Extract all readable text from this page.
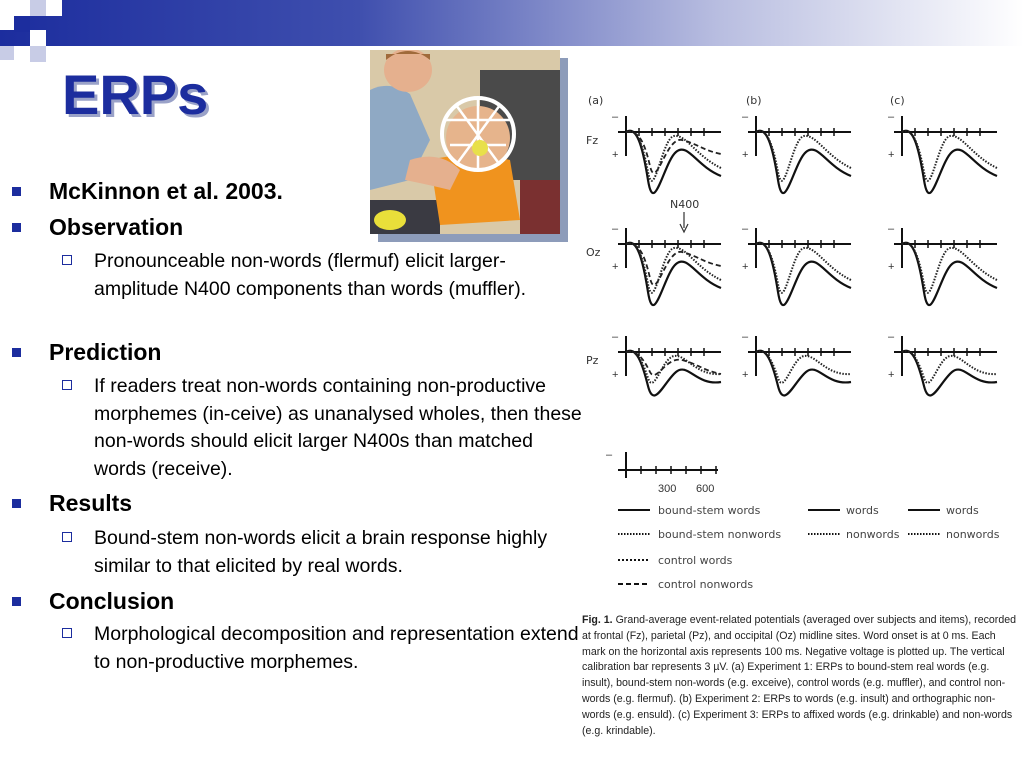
ERPs
McKinnon et al. 2003.
Observation
Pronounceable non-words (flermuf) elicit larger-amplitude N400 components than words (muffler).
Prediction
If readers treat non-words containing non-productive morphemes (in-ceive) as unanalysed wholes, then these non-words should elicit larger N400s than matched words (receive).
Results
Bound-stem non-words elicit a brain response highly similar to that elicited by real words.
Conclusion
Morphological decomposition and representation extend to non-productive morphemes.
(a)	(b)	(c)
Fz
Oz
Pz
N400
–
+
–
+
–
+
–
+
–
+
–
+
–
+
–
+
–
+
–
300 600
bound-stem words
bound-stem nonwords
control words
control nonwords
words
nonwords
words
nonwords
Fig. 1. Grand-average event-related potentials (averaged over subjects and items), recorded at frontal (Fz), parietal (Pz), and occipital (Oz) midline sites. Word onset is at 0 ms. Each mark on the horizontal axis represents 100 ms. Negative voltage is plotted up. The vertical calibration bar represents 3 µV. (a) Experiment 1: ERPs to bound-stem real words (e.g. insult), bound-stem non-words (e.g. exceive), control words (e.g. muffler), and control non-words (e.g. flermuf). (b) Experiment 2: ERPs to words (e.g. insult) and orthographic non-words (e.g. ensuld). (c) Experiment 3: ERPs to affixed words (e.g. drinkable) and non-words (e.g. krindable).
